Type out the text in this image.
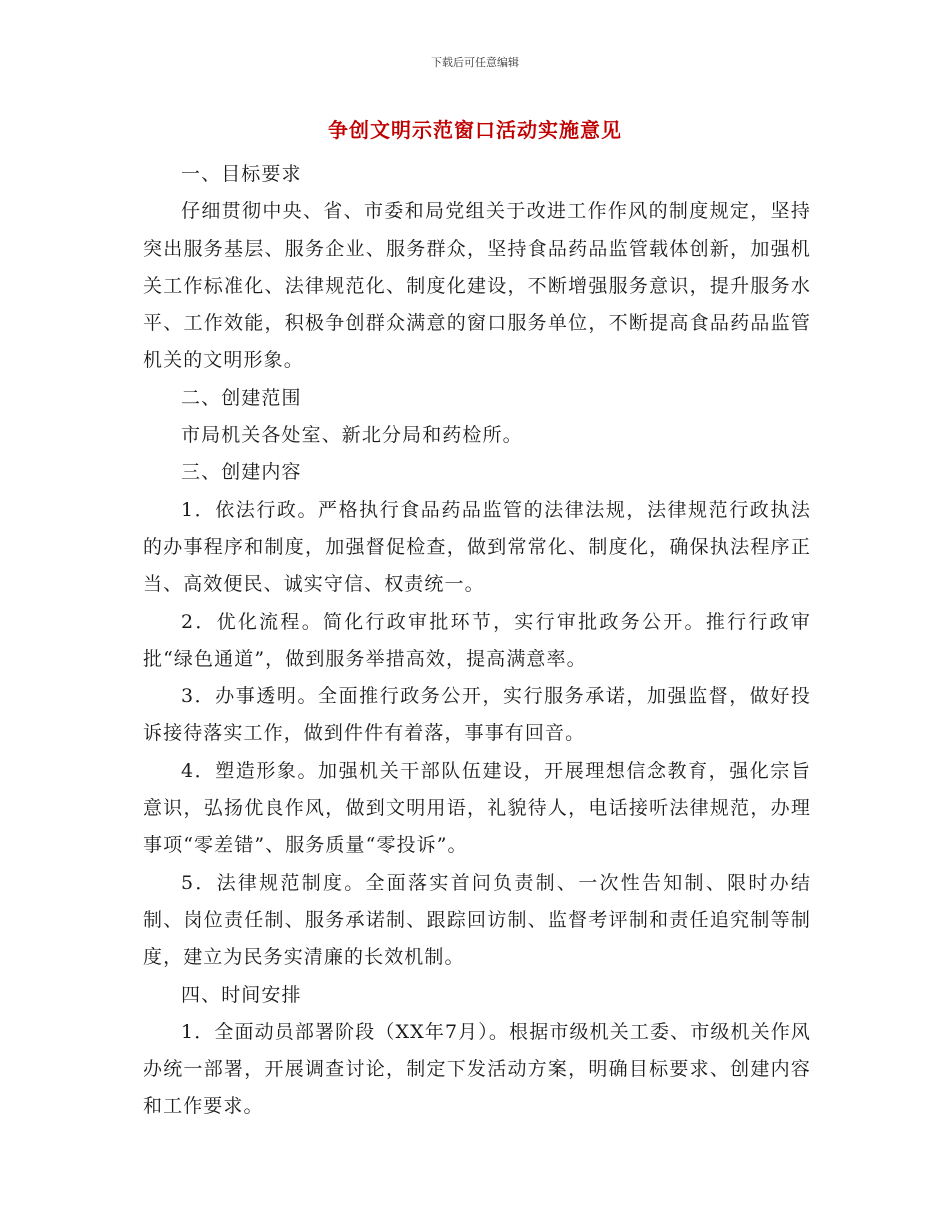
下载后可任意编辑
争创文明示范窗口活动实施意见

一、目标要求

仔细贯彻中央、省、市委和局党组关于改进工作作风的制度规定，坚持突出服务基层、服务企业、服务群众，坚持食品药品监管载体创新，加强机关工作标准化、法律规范化、制度化建设，不断增强服务意识，提升服务水平、工作效能，积极争创群众满意的窗口服务单位，不断提高食品药品监管机关的文明形象。

二、创建范围

市局机关各处室、新北分局和药检所。

三、创建内容

1．依法行政。严格执行食品药品监管的法律法规，法律规范行政执法的办事程序和制度，加强督促检查，做到常常化、制度化，确保执法程序正当、高效便民、诚实守信、权责统一。

2．优化流程。简化行政审批环节，实行审批政务公开。推行行政审批“绿色通道”，做到服务举措高效，提高满意率。

3．办事透明。全面推行政务公开，实行服务承诺，加强监督，做好投诉接待落实工作，做到件件有着落，事事有回音。

4．塑造形象。加强机关干部队伍建设，开展理想信念教育，强化宗旨意识，弘扬优良作风，做到文明用语，礼貌待人，电话接听法律规范，办理事项“零差错”、服务质量“零投诉”。

5．法律规范制度。全面落实首问负责制、一次性告知制、限时办结制、岗位责任制、服务承诺制、跟踪回访制、监督考评制和责任追究制等制度，建立为民务实清廉的长效机制。

四、时间安排

1．全面动员部署阶段（XX年7月）。根据市级机关工委、市级机关作风办统一部署，开展调查讨论，制定下发活动方案，明确目标要求、创建内容和工作要求。
